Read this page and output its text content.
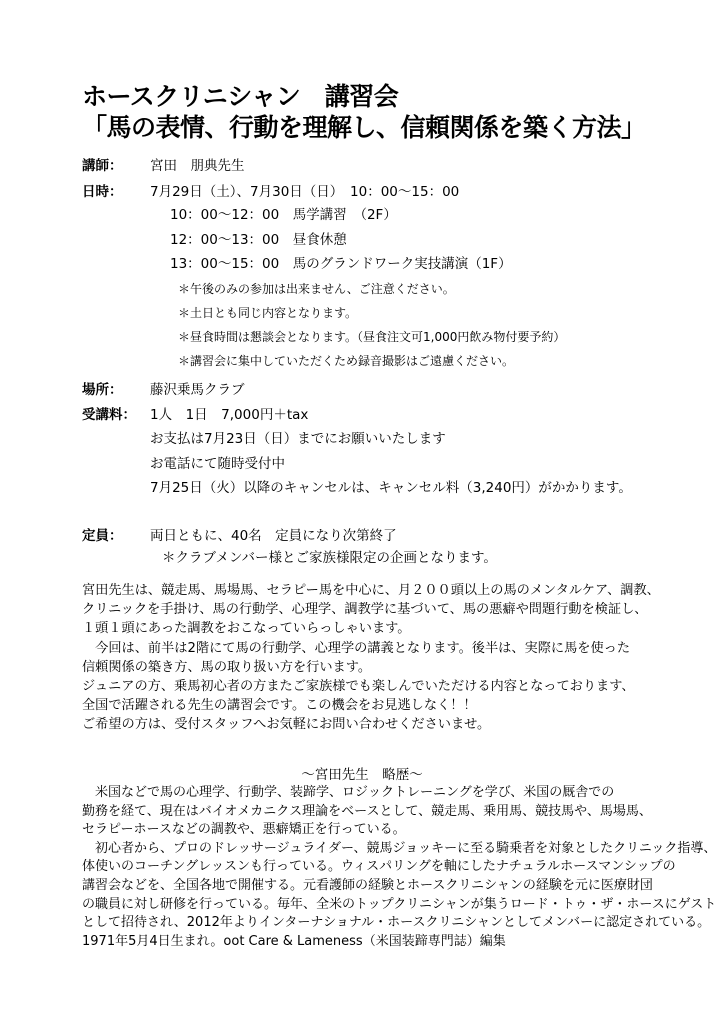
ホースクリニシャン　講習会
「馬の表情、行動を理解し、信頼関係を築く方法」
講師： 宮田　朋典先生
日時： 7月29日（土）、7月30日（日）　10：00～15：00
10：00～12：00　馬学講習　（2F）
12：00～13：00　昼食休憩
13：00～15：00　馬のグランドワーク実技講演（1F）
＊午後のみの参加は出来ません、ご注意ください。
＊土日とも同じ内容となります。
＊昼食時間は懇談会となります。（昼食注文可1,000円飲み物付要予約）
＊講習会に集中していただくため録音撮影はご遠慮ください。
場所： 藤沢乗馬クラブ
受講料： 1人　1日　7,000円＋tax
お支払は7月23日（日）までにお願いいたします
お電話にて随時受付中
7月25日（火）以降のキャンセルは、キャンセル料（3,240円）がかかります。
定員： 両日ともに、40名　定員になり次第終了
＊クラブメンバー様とご家族様限定の企画となります。
宮田先生は、競走馬、馬場馬、セラピー馬を中心に、月２００頭以上の馬のメンタルケア、調教、
クリニックを手掛け、馬の行動学、心理学、調教学に基づいて、馬の悪癖や問題行動を検証し、
１頭１頭にあった調教をおこなっていらっしゃいます。
　今回は、前半は2階にて馬の行動学、心理学の講義となります。後半は、実際に馬を使った
信頼関係の築き方、馬の取り扱い方を行います。
ジュニアの方、乗馬初心者の方またご家族様でも楽しんでいただける内容となっております、
全国で活躍される先生の講習会です。この機会をお見逃しなく！！
ご希望の方は、受付スタッフへお気軽にお問い合わせくださいませ。
～宮田先生　略歴～
　米国などで馬の心理学、行動学、装蹄学、ロジックトレーニングを学び、米国の厩舎での
勤務を経て、現在はバイオメカニクス理論をベースとして、競走馬、乗用馬、競技馬や、馬場馬、
セラピーホースなどの調教や、悪癖矯正を行っている。
　初心者から、プロのドレッサージュライダー、競馬ジョッキーに至る騎乗者を対象としたクリニック指導、
体使いのコーチングレッスンも行っている。ウィスパリングを軸にしたナチュラルホースマンシップの
講習会などを、全国各地で開催する。元看護師の経験とホースクリニシャンの経験を元に医療財団
の職員に対し研修を行っている。毎年、全米のトップクリニシャンが集うロード・トゥ・ザ・ホースにゲスト
として招待され、2012年よりインターナショナル・ホースクリニシャンとしてメンバーに認定されている。
1971年5月4日生まれ。oot Care & Lameness（米国装蹄専門誌）編集
